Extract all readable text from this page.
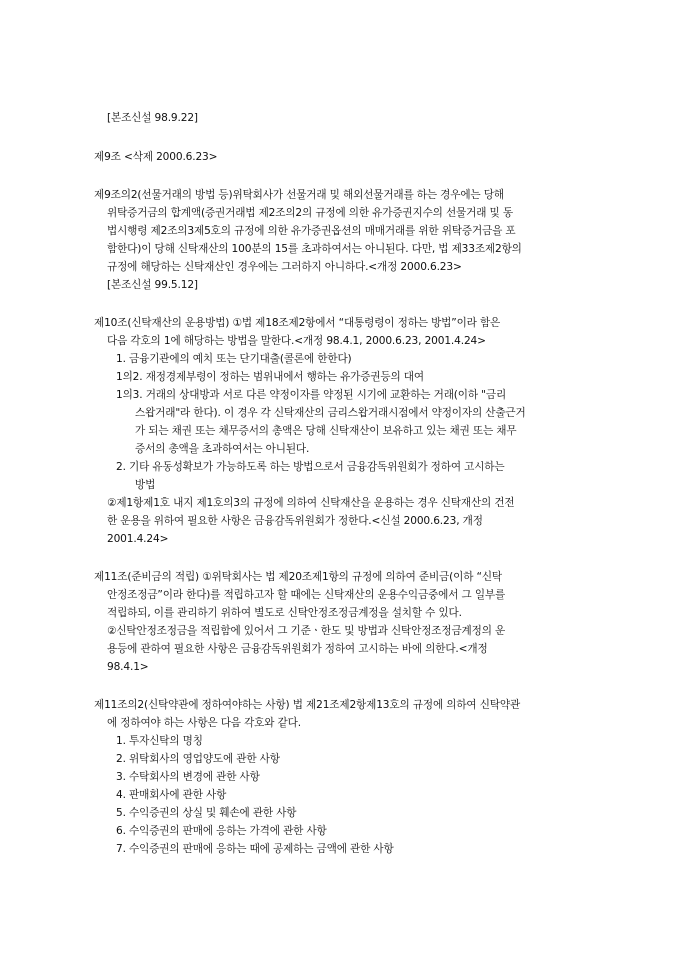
[본조신설 98.9.22]
제9조 <삭제 2000.6.23>
제9조의2(선물거래의 방법 등)위탁회사가 선물거래 및 해외선물거래를 하는 경우에는 당해
위탁증거금의 합계액(증권거래법 제2조의2의 규정에 의한 유가증권지수의 선물거래 및 동
법시행령 제2조의3제5호의 규정에 의한 유가증권옵션의 매매거래를 위한 위탁증거금을 포
함한다)이 당해 신탁재산의 100분의 15를 초과하여서는 아니된다. 다만, 법 제33조제2항의
규정에 해당하는 신탁재산인 경우에는 그러하지 아니하다.<개정 2000.6.23>
[본조신설 99.5.12]
제10조(신탁재산의 운용방법) ①법 제18조제2항에서 “대통령령이 정하는 방법”이라 함은
다음 각호의 1에 해당하는 방법을 말한다.<개정 98.4.1, 2000.6.23, 2001.4.24>
1. 금융기관에의 예치 또는 단기대출(콜론에 한한다)
1의2. 재정경제부령이 정하는 범위내에서 행하는 유가증권등의 대여
1의3. 거래의 상대방과 서로 다른 약정이자를 약정된 시기에 교환하는 거래(이하 "금리
스왑거래"라 한다). 이 경우 각 신탁재산의 금리스왑거래시점에서 약정이자의 산출근거
가 되는 채권 또는 채무증서의 총액은 당해 신탁재산이 보유하고 있는 채권 또는 채무
증서의 총액을 초과하여서는 아니된다.
2. 기타 유동성확보가 가능하도록 하는 방법으로서 금융감독위원회가 정하여 고시하는
방법
②제1항제1호 내지 제1호의3의 규정에 의하여 신탁재산을 운용하는 경우 신탁재산의 건전
한 운용을 위하여 필요한 사항은 금융감독위원회가 정한다.<신설 2000.6.23, 개정
2001.4.24>
제11조(준비금의 적립) ①위탁회사는 법 제20조제1항의 규정에 의하여 준비금(이하 “신탁
안정조정금”이라 한다)를 적립하고자 할 때에는 신탁재산의 운용수익금중에서 그 일부를
적립하되, 이를 관리하기 위하여 별도로 신탁안정조정금계정을 설치할 수 있다.
②신탁안정조정금을 적립함에 있어서 그 기준ㆍ한도 및 방법과 신탁안정조정금계정의 운
용등에 관하여 필요한 사항은 금융감독위원회가 정하여 고시하는 바에 의한다.<개정
98.4.1>
제11조의2(신탁약관에 정하여야하는 사항) 법 제21조제2항제13호의 규정에 의하여 신탁약관
에 정하여야 하는 사항은 다음 각호와 같다.
1. 투자신탁의 명칭
2. 위탁회사의 영업양도에 관한 사항
3. 수탁회사의 변경에 관한 사항
4. 판매회사에 관한 사항
5. 수익증권의 상실 및 훼손에 관한 사항
6. 수익증권의 판매에 응하는 가격에 관한 사항
7. 수익증권의 판매에 응하는 때에 공제하는 금액에 관한 사항
